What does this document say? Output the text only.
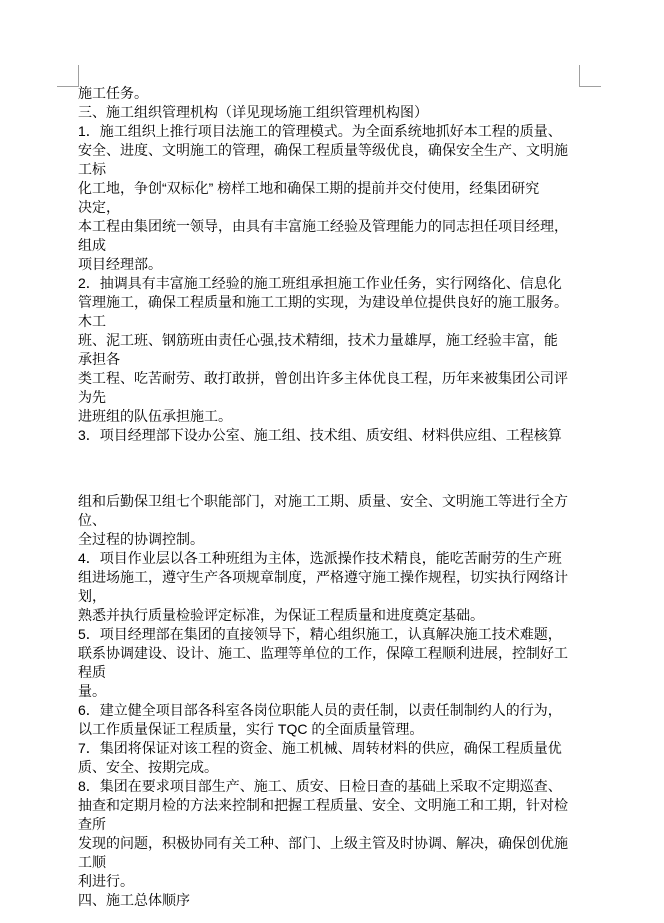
施工任务。
三、施工组织管理机构（详见现场施工组织管理机构图）
1．施工组织上推行项目法施工的管理模式。为全面系统地抓好本工程的质量、
安全、进度、文明施工的管理，确保工程质量等级优良，确保安全生产、文明施
工标
化工地，争创“双标化” 榜样工地和确保工期的提前并交付使用，经集团研究
决定，
本工程由集团统一领导，由具有丰富施工经验及管理能力的同志担任项目经理，
组成
项目经理部。
2．抽调具有丰富施工经验的施工班组承担施工作业任务，实行网络化、信息化
管理施工，确保工程质量和施工工期的实现，为建设单位提供良好的施工服务。
木工
班、泥工班、钢筋班由责任心强,技术精细，技术力量雄厚，施工经验丰富，能
承担各
类工程、吃苦耐劳、敢打敢拼，曾创出许多主体优良工程，历年来被集团公司评
为先
进班组的队伍承担施工。
3．项目经理部下设办公室、施工组、技术组、质安组、材料供应组、工程核算
组和后勤保卫组七个职能部门，对施工工期、质量、安全、文明施工等进行全方
位、
全过程的协调控制。
4．项目作业层以各工种班组为主体，选派操作技术精良，能吃苦耐劳的生产班
组进场施工，遵守生产各项规章制度，严格遵守施工操作规程，切实执行网络计
划，
熟悉并执行质量检验评定标准，为保证工程质量和进度奠定基础。
5．项目经理部在集团的直接领导下，精心组织施工，认真解决施工技术难题，
联系协调建设、设计、施工、监理等单位的工作，保障工程顺利进展，控制好工
程质
量。
6．建立健全项目部各科室各岗位职能人员的责任制，以责任制制约人的行为，
以工作质量保证工程质量，实行 TQC 的全面质量管理。
7．集团将保证对该工程的资金、施工机械、周转材料的供应，确保工程质量优
质、安全、按期完成。
8．集团在要求项目部生产、施工、质安、日检日查的基础上采取不定期巡查、
抽查和定期月检的方法来控制和把握工程质量、安全、文明施工和工期，针对检
查所
发现的问题，积极协同有关工种、部门、上级主管及时协调、解决，确保创优施
工顺
利进行。
四、施工总体顺序
